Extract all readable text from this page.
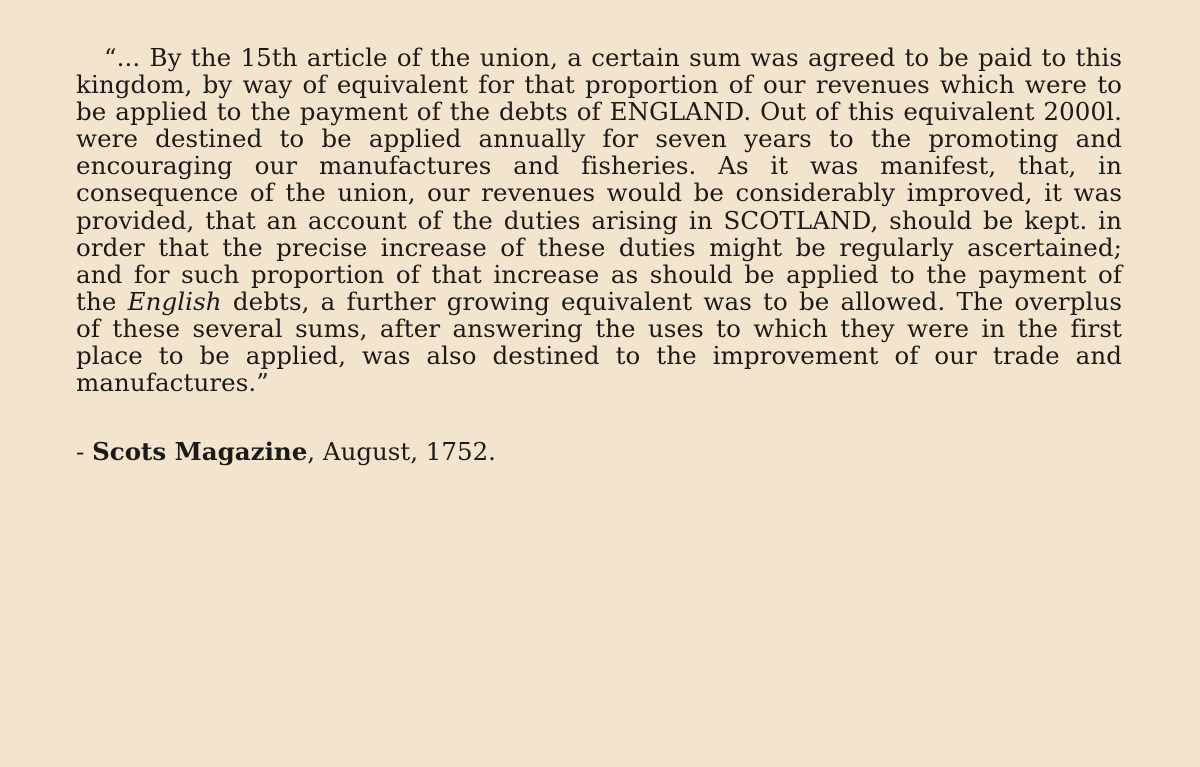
“... By the 15th article of the union, a certain sum was agreed to be paid to this kingdom, by way of equivalent for that proportion of our revenues which were to be applied to the payment of the debts of ENGLAND. Out of this equivalent 2000l. were destined to be applied annually for seven years to the promoting and encouraging our manufactures and fisheries. As it was manifest, that, in consequence of the union, our revenues would be considerably improved, it was provided, that an account of the duties arising in SCOTLAND, should be kept. in order that the precise increase of these duties might be regularly ascertained; and for such proportion of that increase as should be applied to the payment of the English debts, a further growing equivalent was to be allowed. The overplus of these several sums, after answering the uses to which they were in the first place to be applied, was also destined to the improvement of our trade and manufactures.”

- Scots Magazine, August, 1752.
